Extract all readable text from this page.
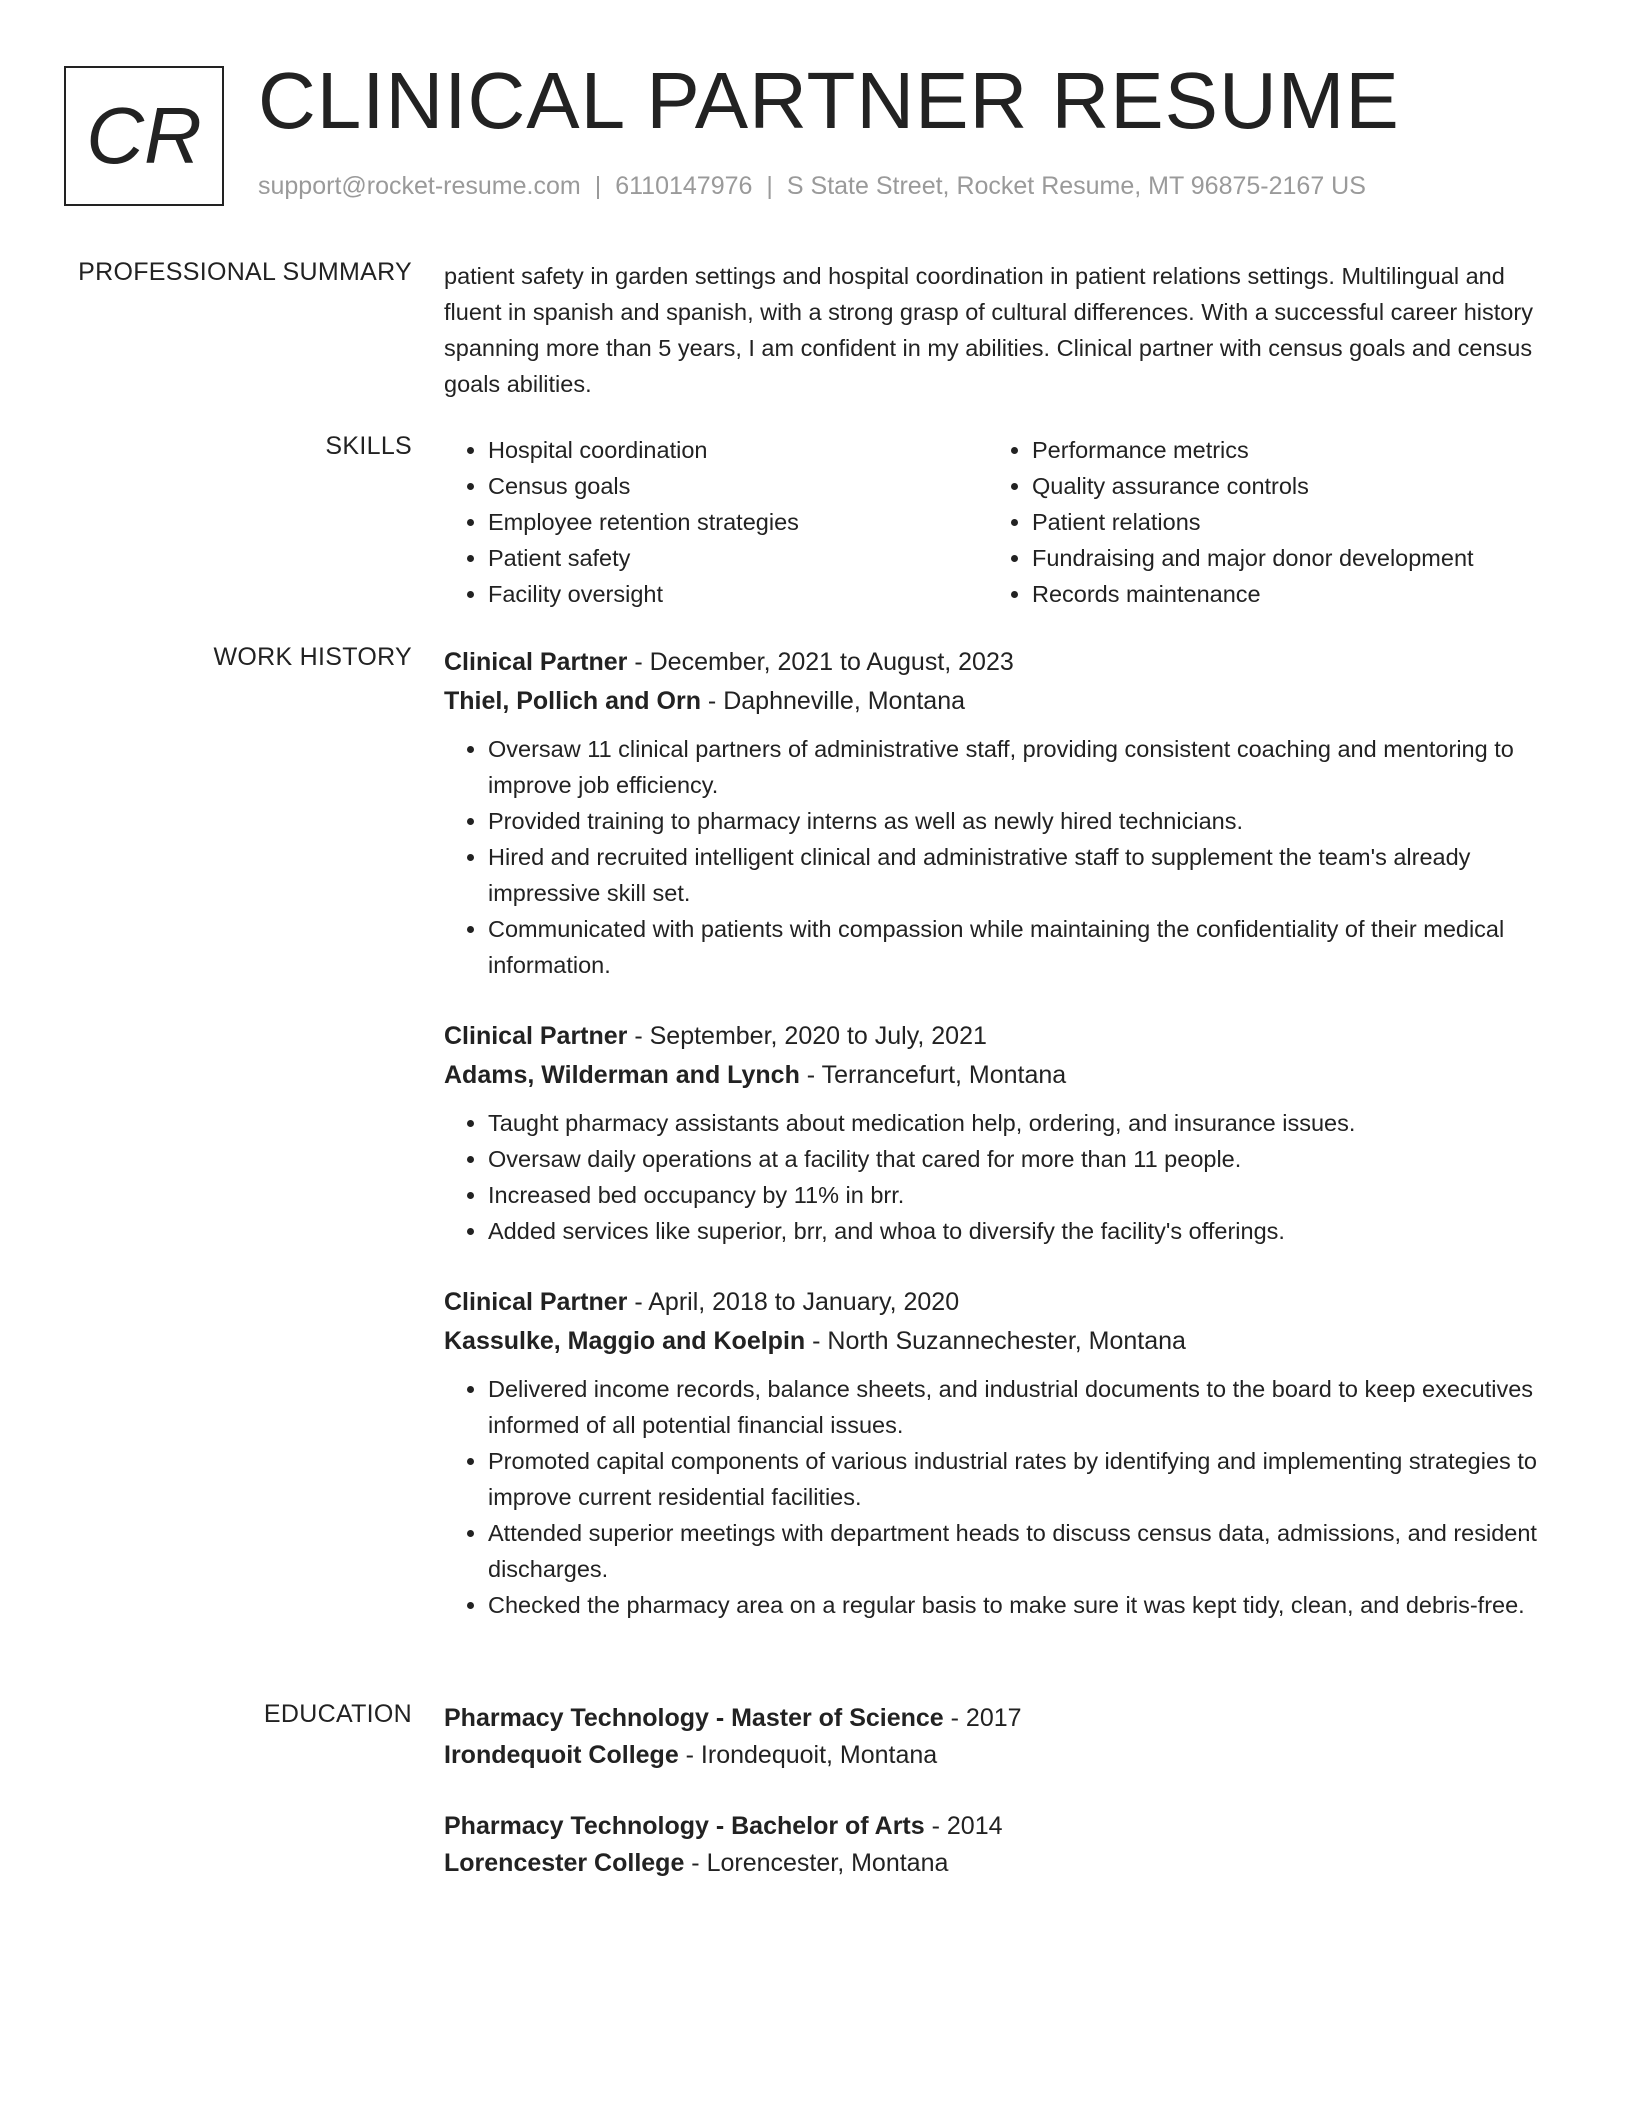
CR CLINICAL PARTNER RESUME
support@rocket-resume.com | 6110147976 | S State Street, Rocket Resume, MT 96875-2167 US
PROFESSIONAL SUMMARY patient safety in garden settings and hospital coordination in patient relations settings. Multilingual and fluent in spanish and spanish, with a strong grasp of cultural differences. With a successful career history spanning more than 5 years, I am confident in my abilities. Clinical partner with census goals and census goals abilities.

SKILLS
•	Hospital coordination
• Census goals
• Employee retention strategies
• Patient safety
• Facility oversight
• Performance metrics
• Quality assurance controls
• Patient relations
• Fundraising and major donor development
• Records maintenance
WORK HISTORY Clinical Partner - December, 2021 to August, 2023
Thiel, Pollich and Orn - Daphneville, Montana
• Oversaw 11 clinical partners of administrative staff, providing consistent coaching and mentoring to improve job efficiency.
• Provided training to pharmacy interns as well as newly hired technicians.
• Hired and recruited intelligent clinical and administrative staff to supplement the team's already impressive skill set.
• Communicated with patients with compassion while maintaining the confidentiality of their medical information.
Clinical Partner - September, 2020 to July, 2021
Adams, Wilderman and Lynch - Terrancefurt, Montana
• Taught pharmacy assistants about medication help, ordering, and insurance issues.
• Oversaw daily operations at a facility that cared for more than 11 people.
• Increased bed occupancy by 11% in brr.
• Added services like superior, brr, and whoa to diversify the facility's offerings.
Clinical Partner - April, 2018 to January, 2020
Kassulke, Maggio and Koelpin - North Suzannechester, Montana
• Delivered income records, balance sheets, and industrial documents to the board to keep executives informed of all potential financial issues.
• Promoted capital components of various industrial rates by identifying and implementing strategies to improve current residential facilities.
• Attended superior meetings with department heads to discuss census data, admissions, and resident discharges.
• Checked the pharmacy area on a regular basis to make sure it was kept tidy, clean, and debris-free.
EDUCATION Pharmacy Technology - Master of Science - 2017
Irondequoit College - Irondequoit, Montana
Pharmacy Technology - Bachelor of Arts - 2014
Lorencester College - Lorencester, Montana
